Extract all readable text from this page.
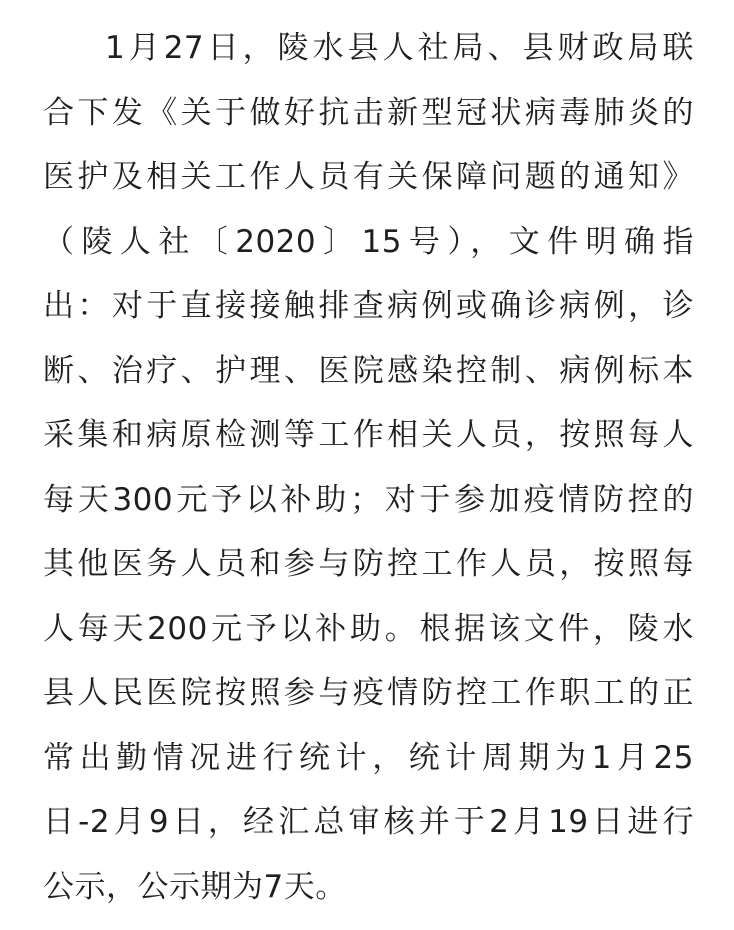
1月27日，陵水县人社局、县财政局联
合下发《关于做好抗击新型冠状病毒肺炎的
医护及相关工作人员有关保障问题的通知》
（陵人社〔2020〕15号），文件明确指
出：对于直接接触排查病例或确诊病例，诊
断、治疗、护理、医院感染控制、病例标本
采集和病原检测等工作相关人员，按照每人
每天300元予以补助；对于参加疫情防控的
其他医务人员和参与防控工作人员，按照每
人每天200元予以补助。根据该文件，陵水
县人民医院按照参与疫情防控工作职工的正
常出勤情况进行统计，统计周期为1月25
日-2月9日，经汇总审核并于2月19日进行
公示，公示期为7天。
